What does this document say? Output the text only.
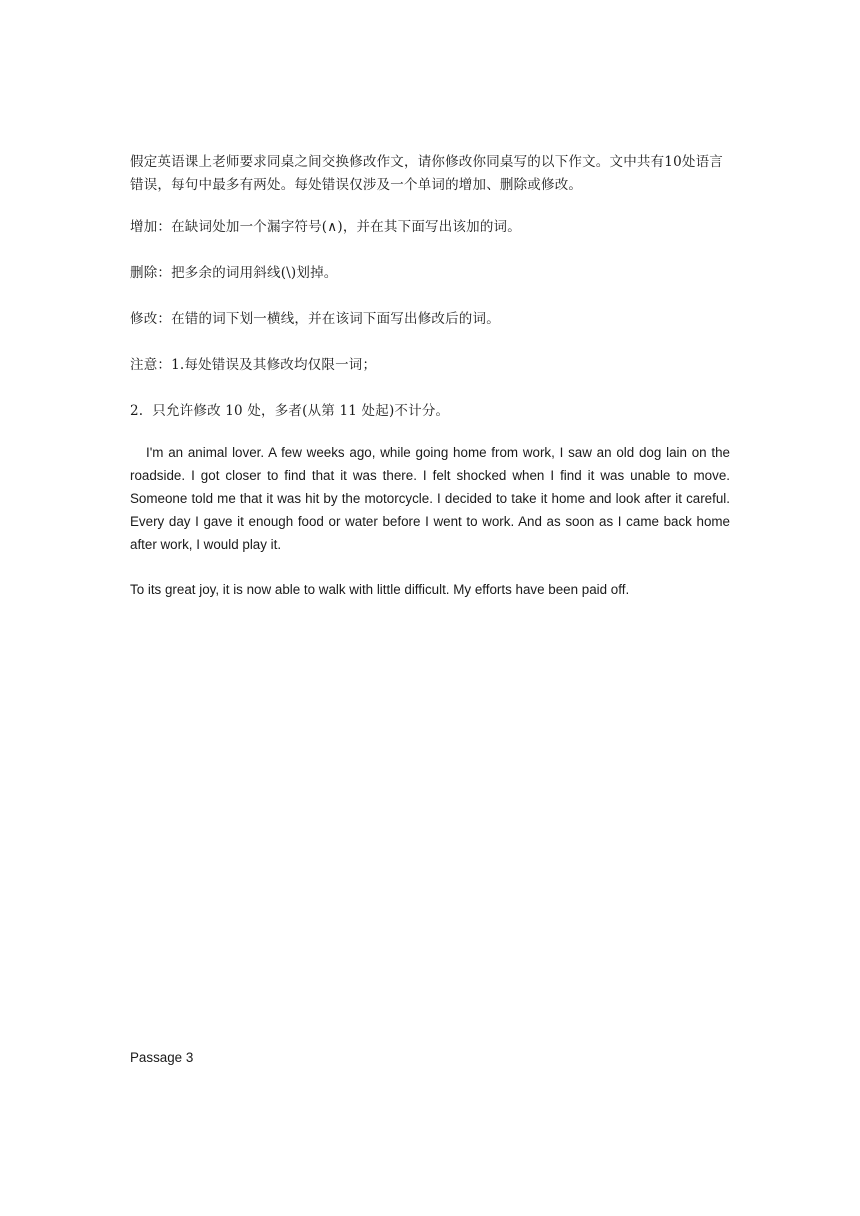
假定英语课上老师要求同桌之间交换修改作文，请你修改你同桌写的以下作文。文中共有10处语言错误，每句中最多有两处。每处错误仅涉及一个单词的增加、删除或修改。

增加：在缺词处加一个漏字符号(∧)，并在其下面写出该加的词。

删除：把多余的词用斜线(\)划掉。

修改：在错的词下划一横线，并在该词下面写出修改后的词。

注意：1.每处错误及其修改均仅限一词；

2.  只允许修改 10 处，多者(从第 11 处起)不计分。

I'm an animal lover. A few weeks ago, while going home from work, I saw an old dog lain on the roadside. I got closer to find that it was there. I felt shocked when I find it was unable to move. Someone told me that it was hit by the motorcycle. I decided to take it home and look after it careful. Every day I gave it enough food or water before I went to work. And as soon as I came back home after work, I would play it.

To its great joy, it is now able to walk with little difficult. My efforts have been paid off.

Passage 3
